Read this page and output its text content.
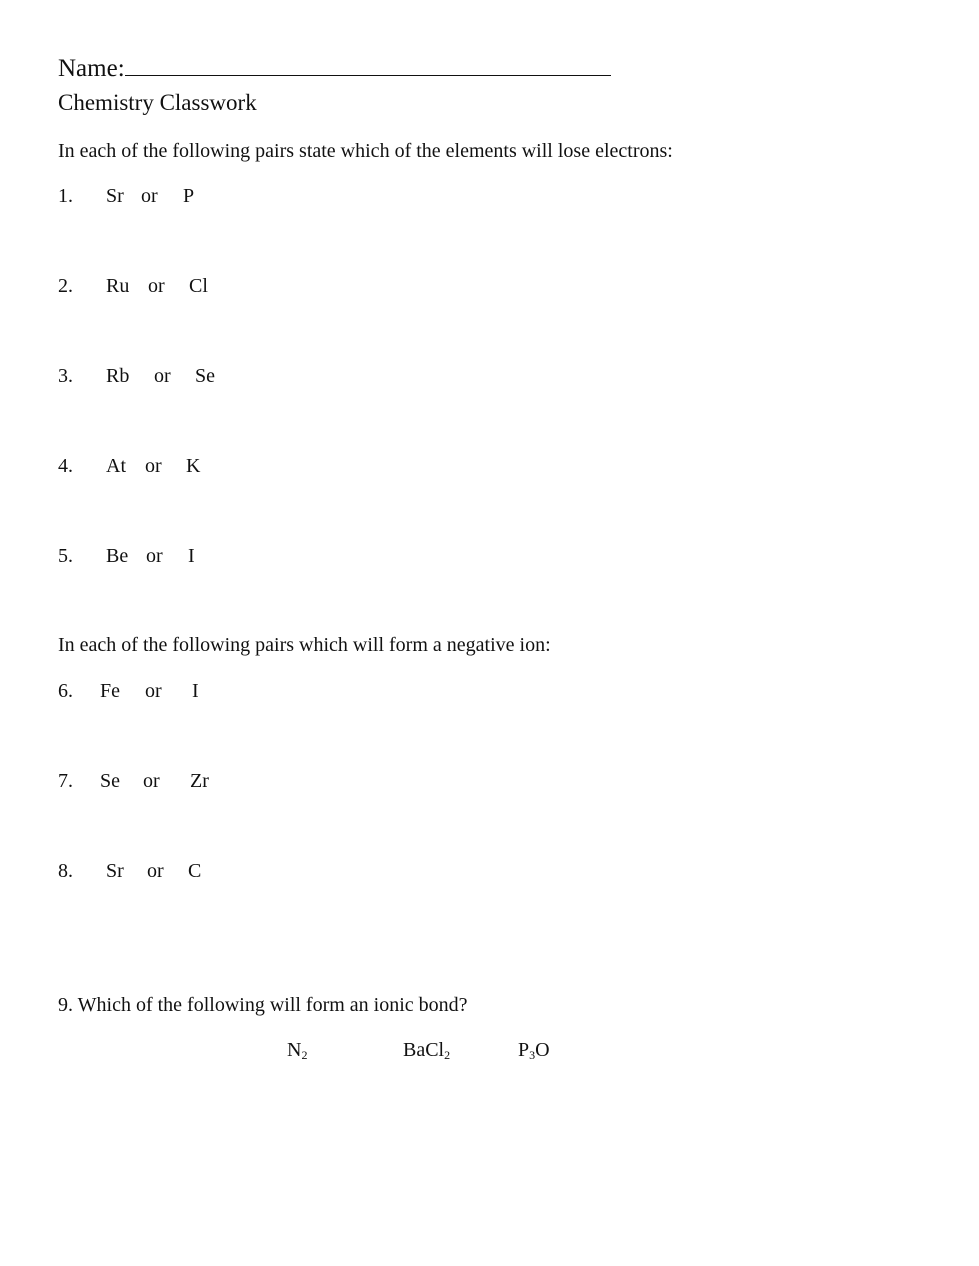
Name:
Chemistry Classwork
In each of the following pairs state which of the elements will lose electrons:
1. Sr or P
2. Ru or Cl
3. Rb or Se
4. At or K
5. Be or I
In each of the following pairs which will form a negative ion:
6. Fe or I
7. Se or Zr
8. Sr or C
9. Which of the following will form an ionic bond?
$N_2$	BaCl$_2$	$P_3O$
